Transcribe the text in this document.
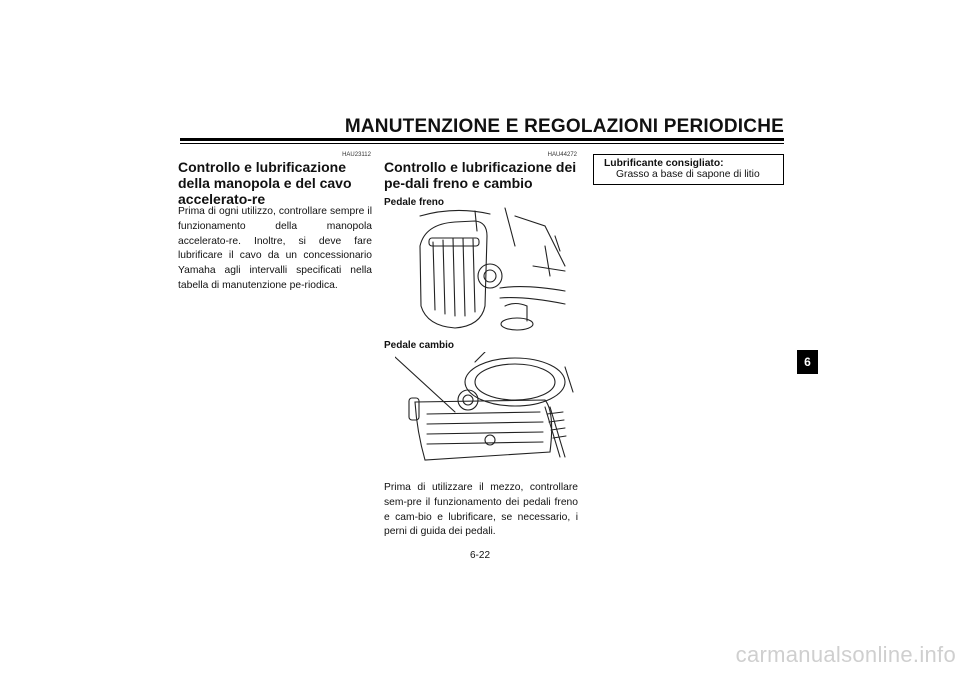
MANUTENZIONE E REGOLAZIONI PERIODICHE
HAU23112
Controllo e lubrificazione della manopola e del cavo accelerato-re
Prima di ogni utilizzo, controllare sempre il funzionamento della manopola accelerato-re. Inoltre, si deve fare lubrificare il cavo da un concessionario Yamaha agli intervalli specificati nella tabella di manutenzione pe-riodica.
HAU44272
Controllo e lubrificazione dei pe-dali freno e cambio
Pedale freno
Pedale cambio
Prima di utilizzare il mezzo, controllare sem-pre il funzionamento dei pedali freno e cam-bio e lubrificare, se necessario, i perni di guida dei pedali.
Lubrificante consigliato:
Grasso a base di sapone di litio
6
6-22
carmanualsonline.info
